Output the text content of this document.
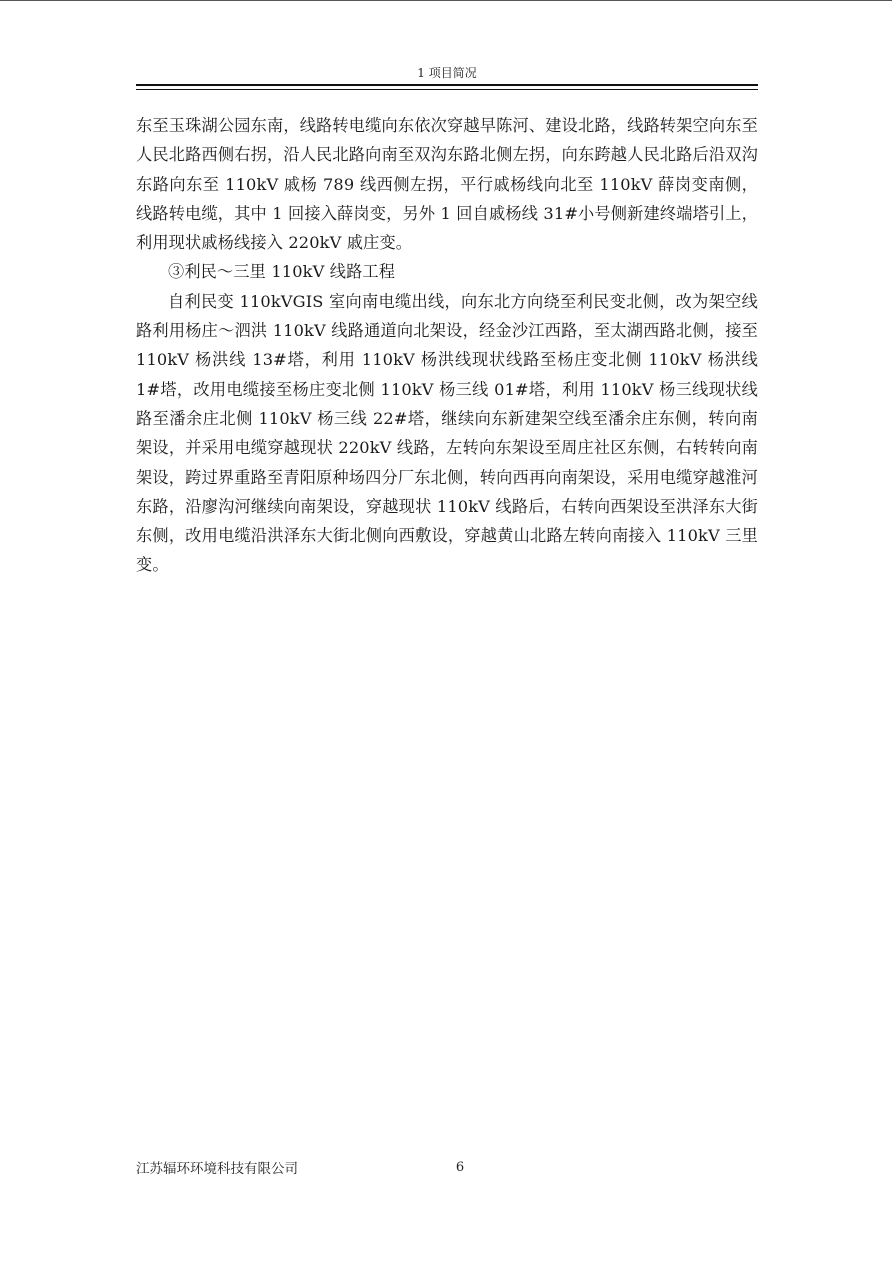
1 项目简况

东至玉珠湖公园东南，线路转电缆向东依次穿越早陈河、建设北路，线路转架空向东至人民北路西侧右拐，沿人民北路向南至双沟东路北侧左拐，向东跨越人民北路后沿双沟东路向东至 110kV 戚杨 789 线西侧左拐，平行戚杨线向北至 110kV 薛岗变南侧，线路转电缆，其中 1 回接入薛岗变，另外 1 回自戚杨线 31#小号侧新建终端塔引上，利用现状戚杨线接入 220kV 戚庄变。

③利民～三里 110kV 线路工程

自利民变 110kVGIS 室向南电缆出线，向东北方向绕至利民变北侧，改为架空线路利用杨庄～泗洪 110kV 线路通道向北架设，经金沙江西路，至太湖西路北侧，接至 110kV 杨洪线 13#塔，利用 110kV 杨洪线现状线路至杨庄变北侧 110kV 杨洪线 1#塔，改用电缆接至杨庄变北侧 110kV 杨三线 01#塔，利用 110kV 杨三线现状线路至潘余庄北侧 110kV 杨三线 22#塔，继续向东新建架空线至潘余庄东侧，转向南架设，并采用电缆穿越现状 220kV 线路，左转向东架设至周庄社区东侧，右转转向南架设，跨过界重路至青阳原种场四分厂东北侧，转向西再向南架设，采用电缆穿越淮河东路，沿廖沟河继续向南架设，穿越现状 110kV 线路后，右转向西架设至洪泽东大街东侧，改用电缆沿洪泽东大街北侧向西敷设，穿越黄山北路左转向南接入 110kV 三里变。

江苏辐环环境科技有限公司	6
